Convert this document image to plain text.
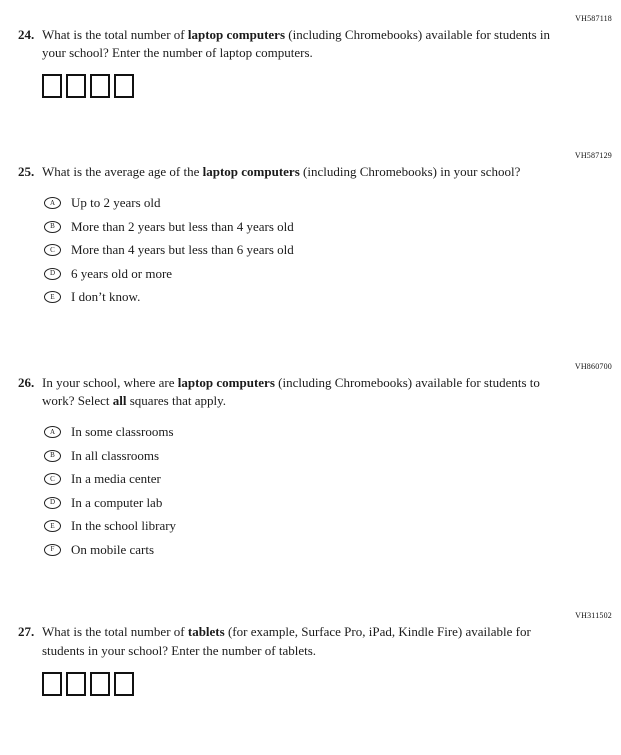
VH587118
24. What is the total number of laptop computers (including Chromebooks) available for students in your school? Enter the number of laptop computers.

VH587129
25. What is the average age of the laptop computers (including Chromebooks) in your school?

A	Up to 2 years old
B	More than 2 years but less than 4 years old
C	More than 4 years but less than 6 years old
D	6 years old or more
E	I don’t know.
VH860700
26. In your school, where are laptop computers (including Chromebooks) available for students to work? Select all squares that apply.

A	In some classrooms
B	In all classrooms
C	In a media center
D	In a computer lab
E	In the school library
F	On mobile carts
VH311502
27. What is the total number of tablets (for example, Surface Pro, iPad, Kindle Fire) available for students in your school? Enter the number of tablets.
